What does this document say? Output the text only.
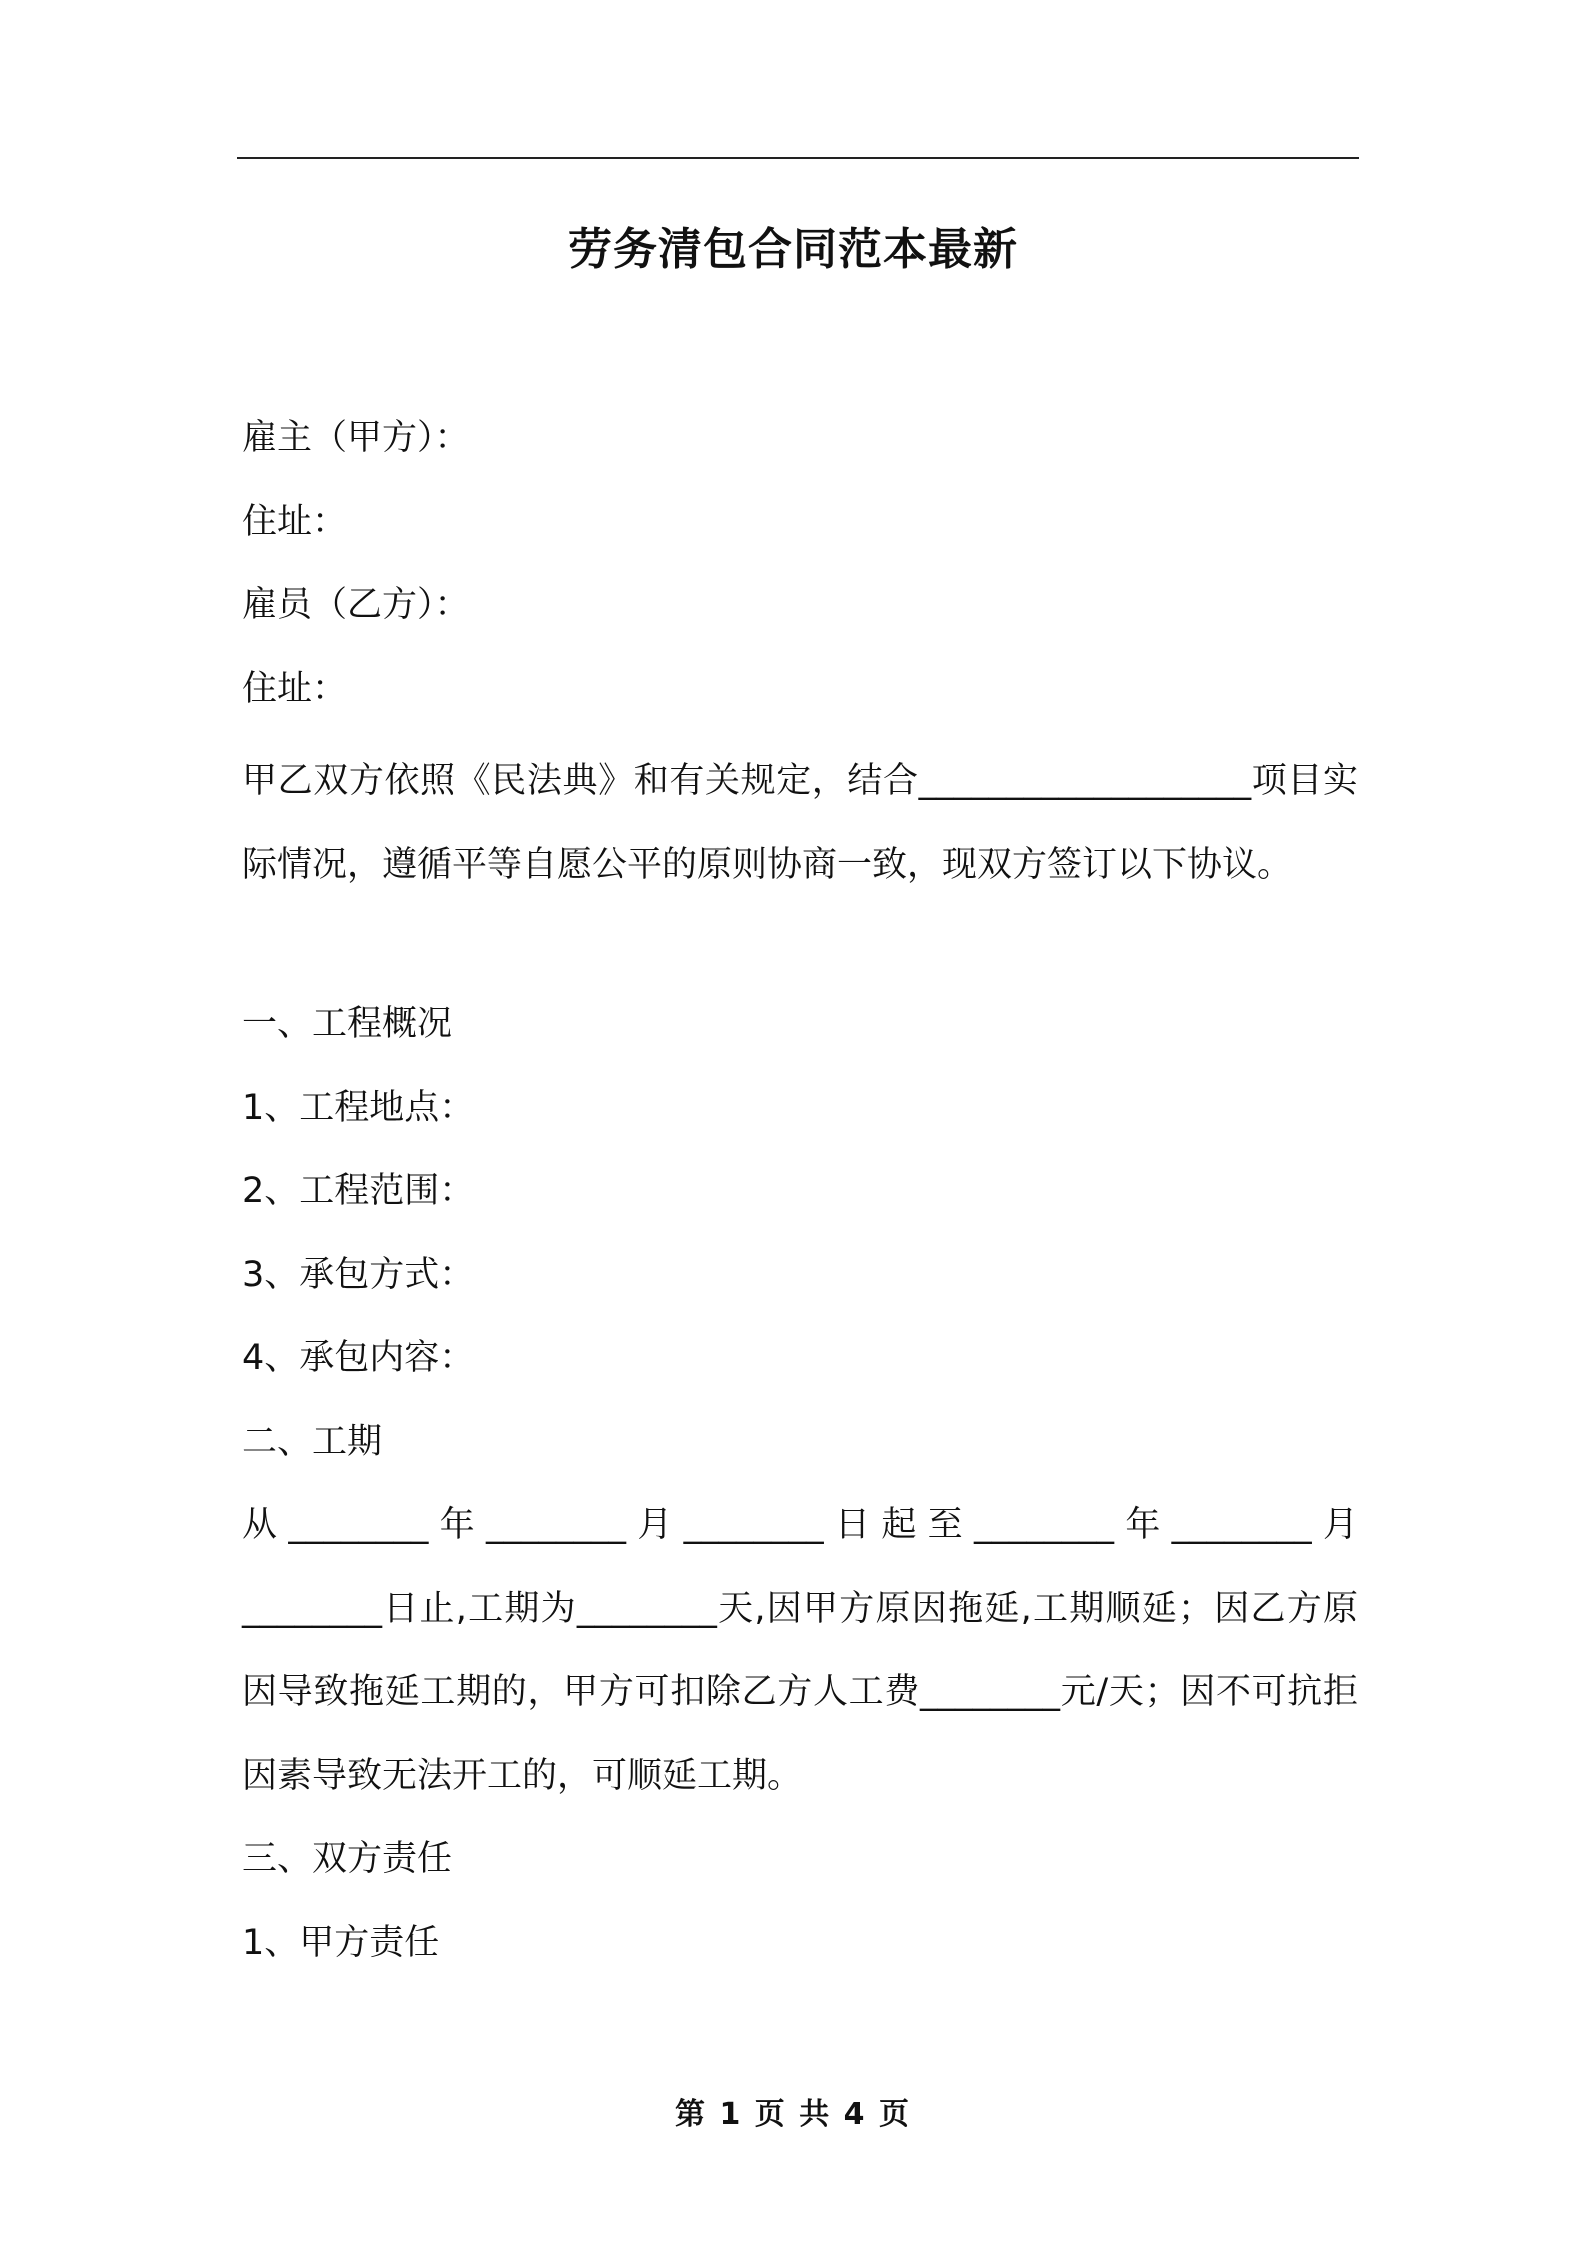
劳务清包合同范本最新

雇主（甲方）：

住址：

雇员（乙方）：

住址：

甲乙双方依照《民法典》和有关规定，结合___________________项目实际情况，遵循平等自愿公平的原则协商一致，现双方签订以下协议。

一、工程概况

1、工程地点：

2、工程范围：

3、承包方式：

4、承包内容：

二、工期

从________年________月________日起至________年________月________日止,工期为________天,因甲方原因拖延,工期顺延；因乙方原因导致拖延工期的，甲方可扣除乙方人工费________元/天；因不可抗拒因素导致无法开工的，可顺延工期。

三、双方责任

1、甲方责任

第 1 页 共 4 页
